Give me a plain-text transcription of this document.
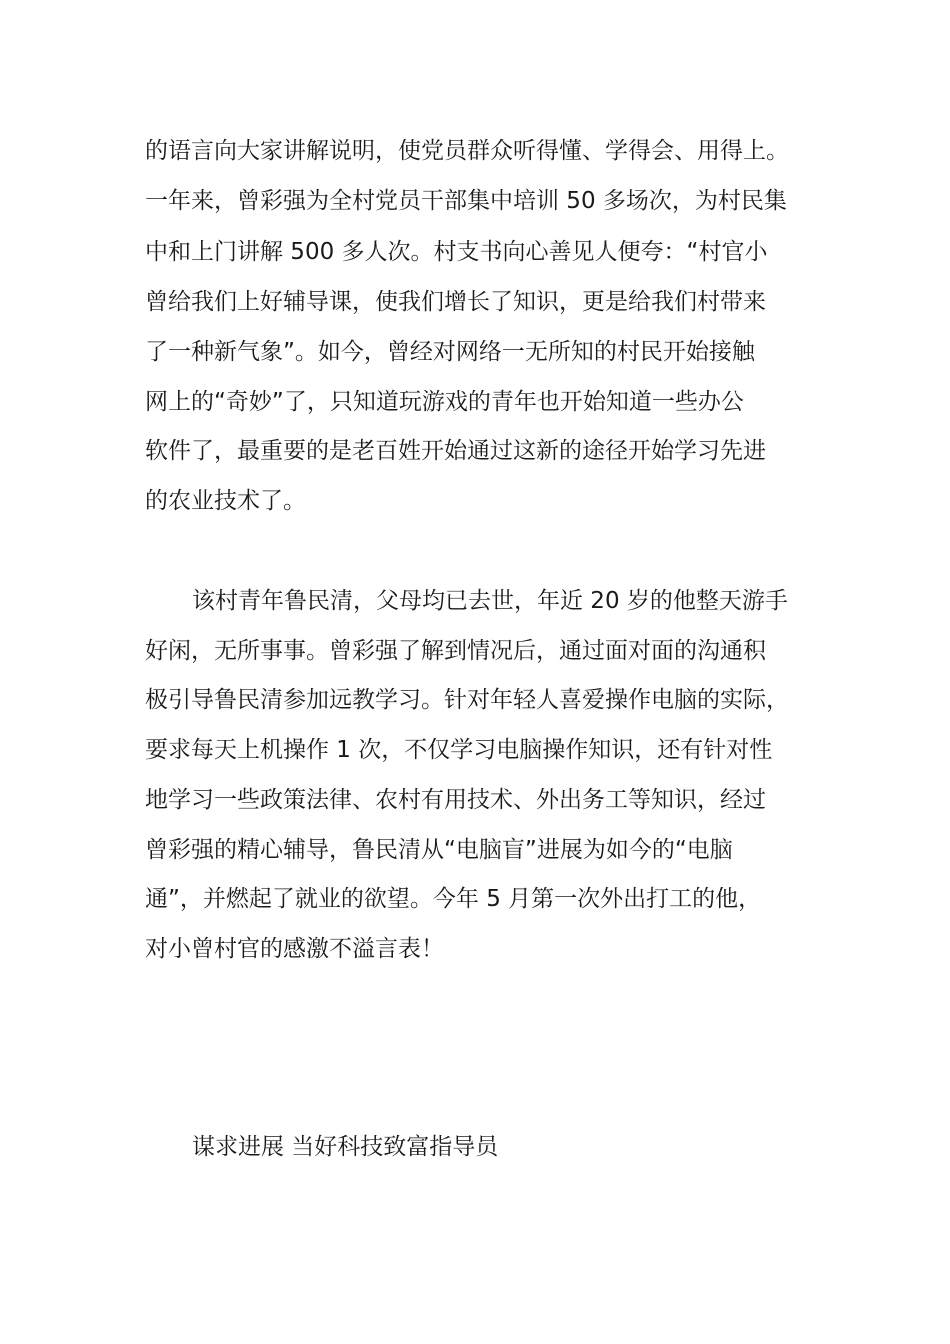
的语言向大家讲解说明，使党员群众听得懂、学得会、用得上。
一年来，曾彩强为全村党员干部集中培训 50 多场次，为村民集
中和上门讲解 500 多人次。村支书向心善见人便夸：“村官小
曾给我们上好辅导课，使我们增长了知识，更是给我们村带来
了一种新气象”。如今，曾经对网络一无所知的村民开始接触
网上的“奇妙”了，只知道玩游戏的青年也开始知道一些办公
软件了，最重要的是老百姓开始通过这新的途径开始学习先进
的农业技术了。
该村青年鲁民清，父母均已去世，年近 20 岁的他整天游手
好闲，无所事事。曾彩强了解到情况后，通过面对面的沟通积
极引导鲁民清参加远教学习。针对年轻人喜爱操作电脑的实际，
要求每天上机操作 1 次，不仅学习电脑操作知识，还有针对性
地学习一些政策法律、农村有用技术、外出务工等知识，经过
曾彩强的精心辅导，鲁民清从“电脑盲”进展为如今的“电脑
通”，并燃起了就业的欲望。今年 5 月第一次外出打工的他，
对小曾村官的感激不溢言表！
谋求进展 当好科技致富指导员
